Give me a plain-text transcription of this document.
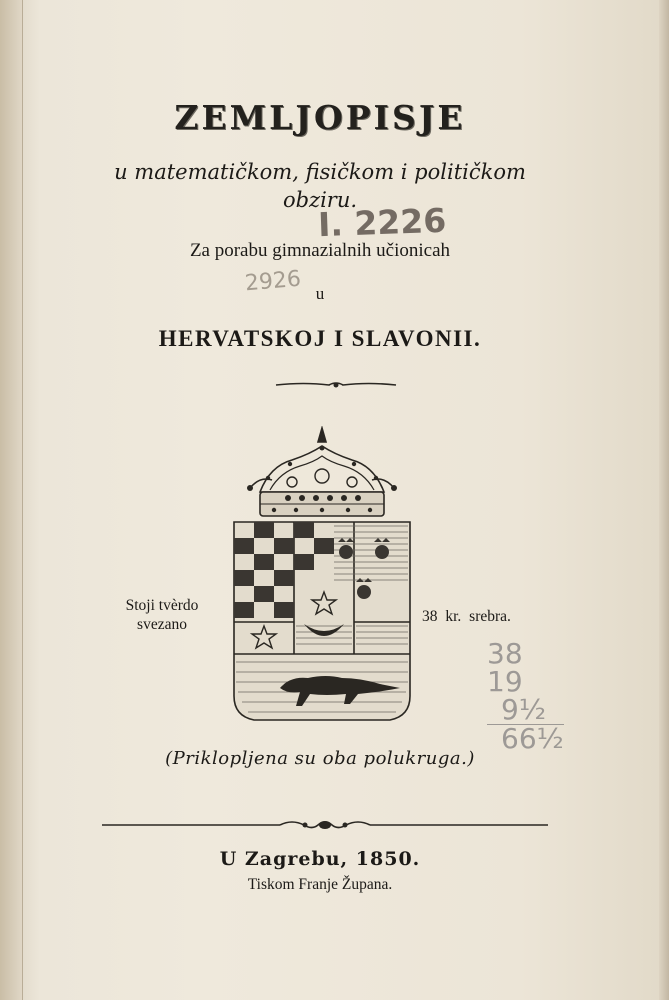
ZEMLJOPISJE
u matematičkom, fisičkom i političkom
obziru.
Za porabu gimnazialnih učionicah
u
HERVATSKOJ I SLAVONII.
I. 2226
2926
Stoji tvèrdo
svezano	38 kr. srebra.
38
19
9½
66½
(Priklopljena su oba polukruga.)
U Zagrebu, 1850.
Tiskom Franje Župana.
